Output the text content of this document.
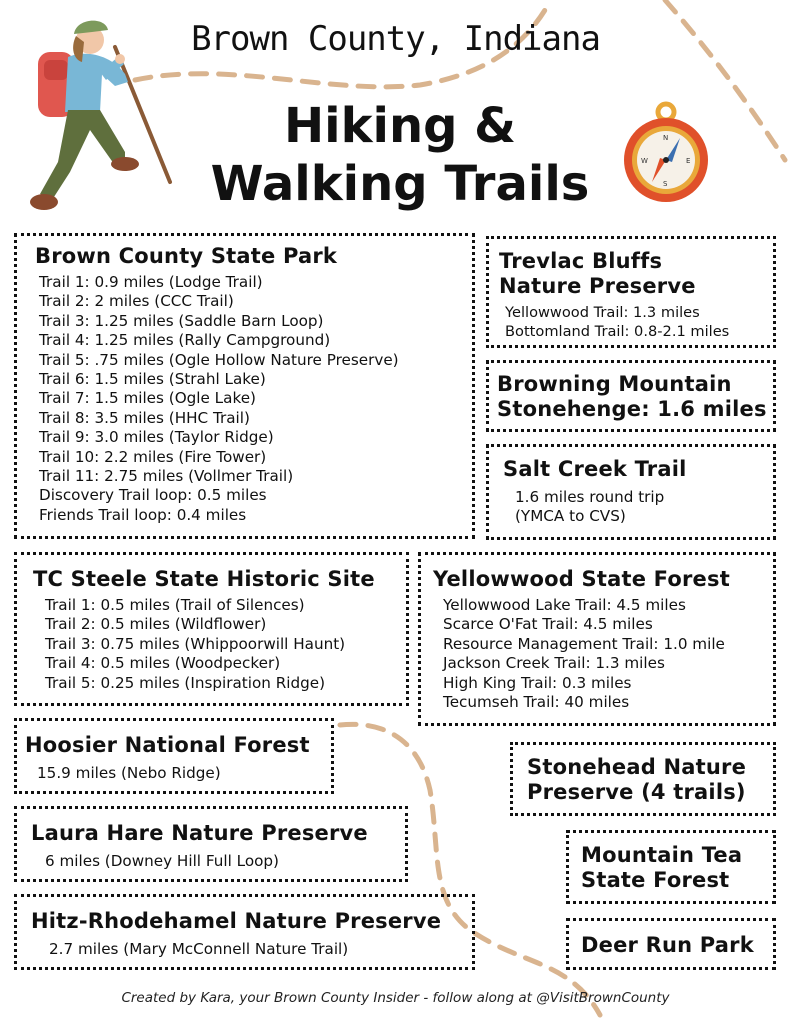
N
S
W	E
Brown County, Indiana
Hiking &
Walking Trails
Brown County State Park
Trail 1: 0.9 miles (Lodge Trail)
Trail 2: 2 miles (CCC Trail)
Trail 3: 1.25 miles (Saddle Barn Loop)
Trail 4: 1.25 miles (Rally Campground)
Trail 5: .75 miles (Ogle Hollow Nature Preserve)
Trail 6: 1.5 miles (Strahl Lake)
Trail 7: 1.5 miles (Ogle Lake)
Trail 8: 3.5 miles (HHC Trail)
Trail 9: 3.0 miles (Taylor Ridge)
Trail 10: 2.2 miles (Fire Tower)
Trail 11: 2.75 miles (Vollmer Trail)
Discovery Trail loop: 0.5 miles
Friends Trail loop: 0.4 miles
Trevlac Bluffs
Nature Preserve
Yellowwood Trail: 1.3 miles
Bottomland Trail: 0.8-2.1 miles
Browning Mountain
Stonehenge: 1.6 miles
Salt Creek Trail
1.6 miles round trip
(YMCA to CVS)
TC Steele State Historic Site
Trail 1: 0.5 miles (Trail of Silences)
Trail 2: 0.5 miles (Wildflower)
Trail 3: 0.75 miles (Whippoorwill Haunt)
Trail 4: 0.5 miles (Woodpecker)
Trail 5: 0.25 miles (Inspiration Ridge)
Yellowwood State Forest
Yellowwood Lake Trail: 4.5 miles
Scarce O'Fat Trail: 4.5 miles
Resource Management Trail: 1.0 mile
Jackson Creek Trail: 1.3 miles
High King Trail: 0.3 miles
Tecumseh Trail: 40 miles
Hoosier National Forest
15.9 miles (Nebo Ridge)	Stonehead Nature
Preserve (4 trails)
Laura Hare Nature Preserve
6 miles (Downey Hill Full Loop)	Mountain Tea
State Forest
Hitz-Rhodehamel Nature Preserve
2.7 miles (Mary McConnell Nature Trail)	Deer Run Park
Created by Kara, your Brown County Insider - follow along at @VisitBrownCounty
